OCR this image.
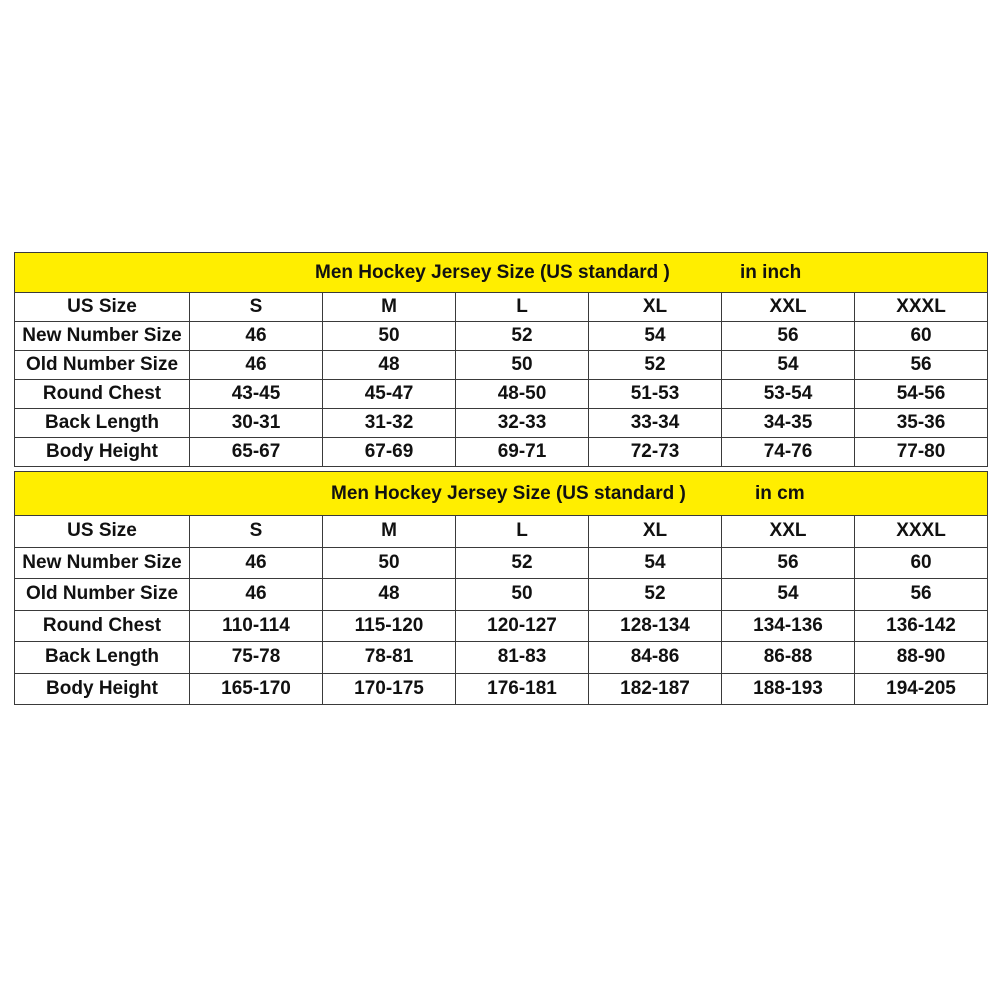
Men Hockey Jersey Size (US standard ) in inch						

US Size	S	M	L	XL	XXL	XXXL
New Number Size	46	50	52	54	56	60
Old Number Size	46	48	50	52	54	56
Round Chest	43-45	45-47	48-50	51-53	53-54	54-56
Back Length	30-31	31-32	32-33	33-34	34-35	35-36
Body Height	65-67	67-69	69-71	72-73	74-76	77-80
Men Hockey Jersey Size (US standard ) in cm						

US Size	S	M	L	XL	XXL	XXXL
New Number Size	46	50	52	54	56	60
Old Number Size	46	48	50	52	54	56
Round Chest	110-114	115-120	120-127	128-134	134-136	136-142
Back Length	75-78	78-81	81-83	84-86	86-88	88-90
Body Height	165-170	170-175	176-181	182-187	188-193	194-205
